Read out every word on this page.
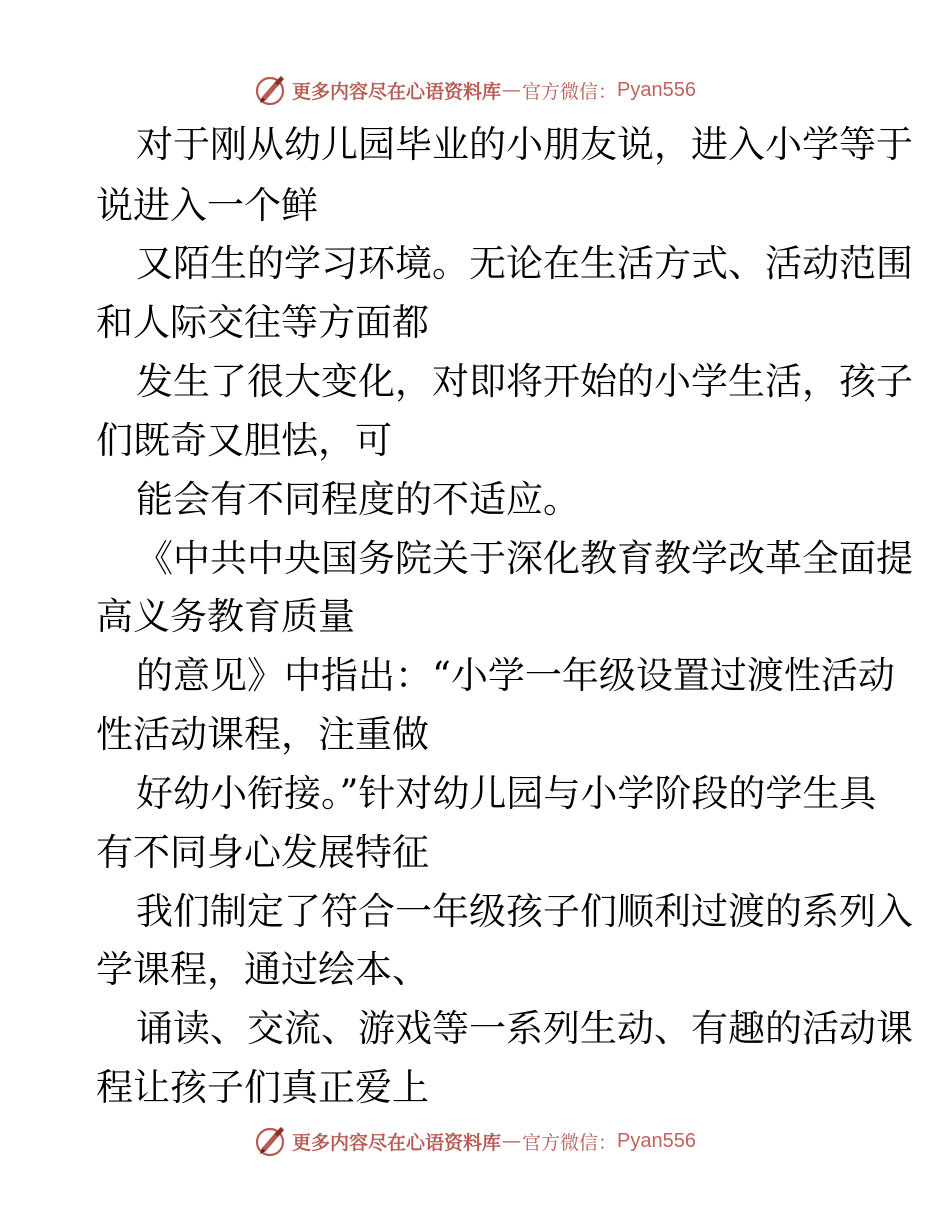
更多内容尽在心语资料库 — 官方微信： Pyan556
对于刚从幼儿园毕业的小朋友说，进入小学等于
说进入一个鲜
又陌生的学习环境。无论在生活方式、活动范围
和人际交往等方面都
发生了很大变化，对即将开始的小学生活，孩子
们既奇又胆怯，可
能会有不同程度的不适应。
《中共中央国务院关于深化教育教学改革全面提
高义务教育质量
的意见》中指出：“小学一年级设置过渡性活动
性活动课程，注重做
好幼小衔接。”针对幼儿园与小学阶段的学生具
有不同身心发展特征
我们制定了符合一年级孩子们顺利过渡的系列入
学课程，通过绘本、
诵读、交流、游戏等一系列生动、有趣的活动课
程让孩子们真正爱上
更多内容尽在心语资料库 — 官方微信： Pyan556
